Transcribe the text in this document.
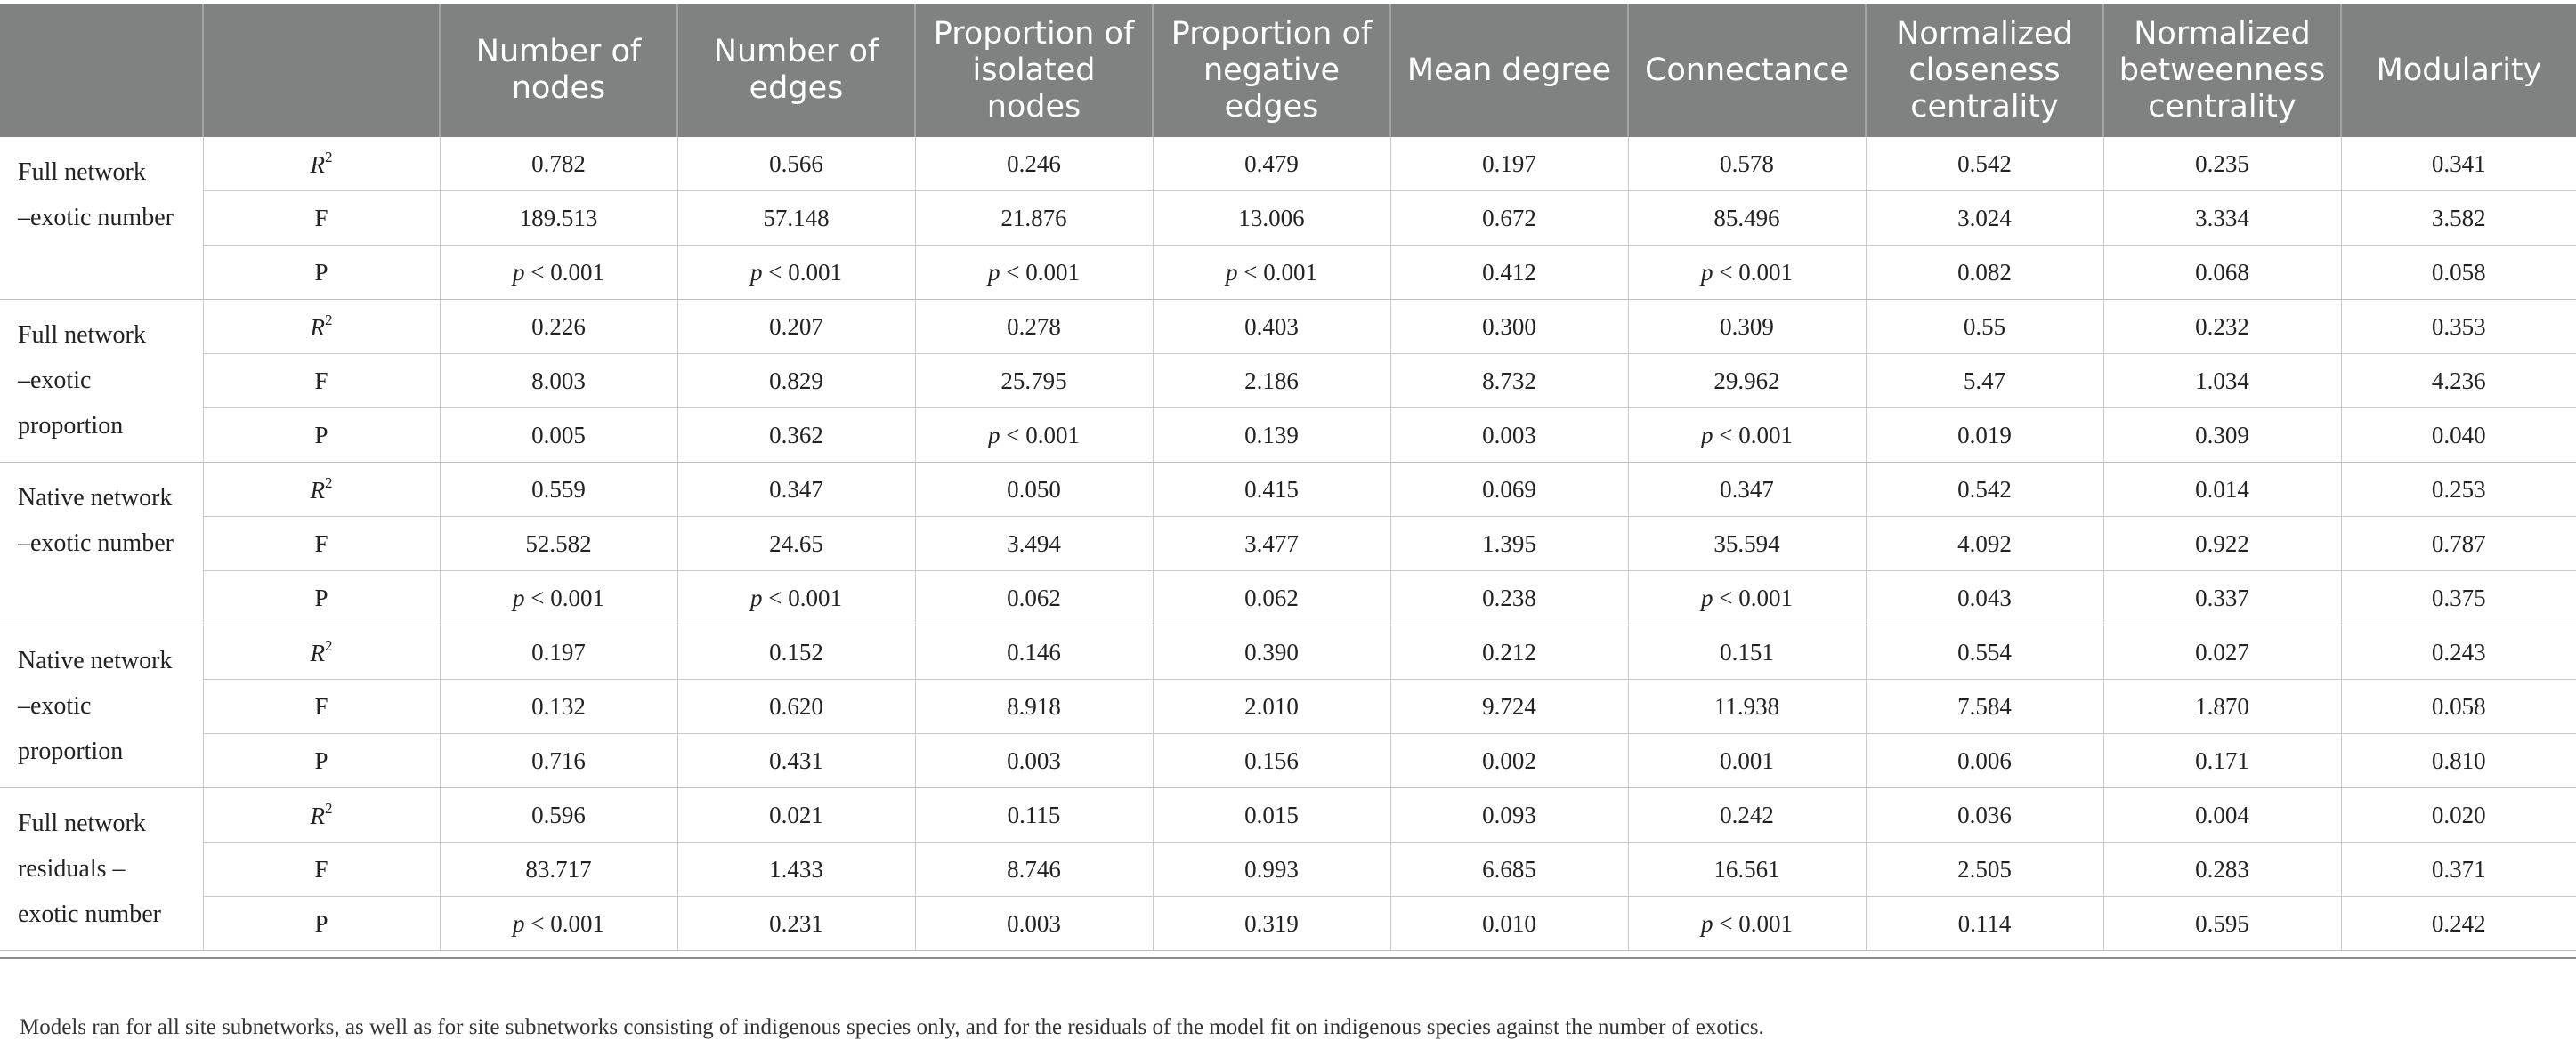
		Number of nodes	Number of edges	Proportion of isolated nodes	Proportion of negative edges	Mean degree	Connectance	Normalized closeness centrality	Normalized betweenness centrality	Modularity

Full network
–exotic number	$R^2$	0.782	0.566	0.246	0.479	0.197	0.578	0.542	0.235	0.341
	F	189.513	57.148	21.876	13.006	0.672	85.496	3.024	3.334	3.582
	P	p < 0.001	p < 0.001	p < 0.001	p < 0.001	0.412	p < 0.001	0.082	0.068	0.058

Full network
–exotic
proportion	$R^2$	0.226	0.207	0.278	0.403	0.300	0.309	0.55	0.232	0.353
	F	8.003	0.829	25.795	2.186	8.732	29.962	5.47	1.034	4.236
	P	0.005	0.362	p < 0.001	0.139	0.003	p < 0.001	0.019	0.309	0.040

Native network
–exotic number	$R^2$	0.559	0.347	0.050	0.415	0.069	0.347	0.542	0.014	0.253
	F	52.582	24.65	3.494	3.477	1.395	35.594	4.092	0.922	0.787
	P	p < 0.001	p < 0.001	0.062	0.062	0.238	p < 0.001	0.043	0.337	0.375

Native network
–exotic
proportion	$R^2$	0.197	0.152	0.146	0.390	0.212	0.151	0.554	0.027	0.243
	F	0.132	0.620	8.918	2.010	9.724	11.938	7.584	1.870	0.058
	P	0.716	0.431	0.003	0.156	0.002	0.001	0.006	0.171	0.810

Full network
residuals –
exotic number	$R^2$	0.596	0.021	0.115	0.015	0.093	0.242	0.036	0.004	0.020
	F	83.717	1.433	8.746	0.993	6.685	16.561	2.505	0.283	0.371
	P	p < 0.001	0.231	0.003	0.319	0.010	p < 0.001	0.114	0.595	0.242
Models ran for all site subnetworks, as well as for site subnetworks consisting of indigenous species only, and for the residuals of the model fit on indigenous species against the number of exotics.
